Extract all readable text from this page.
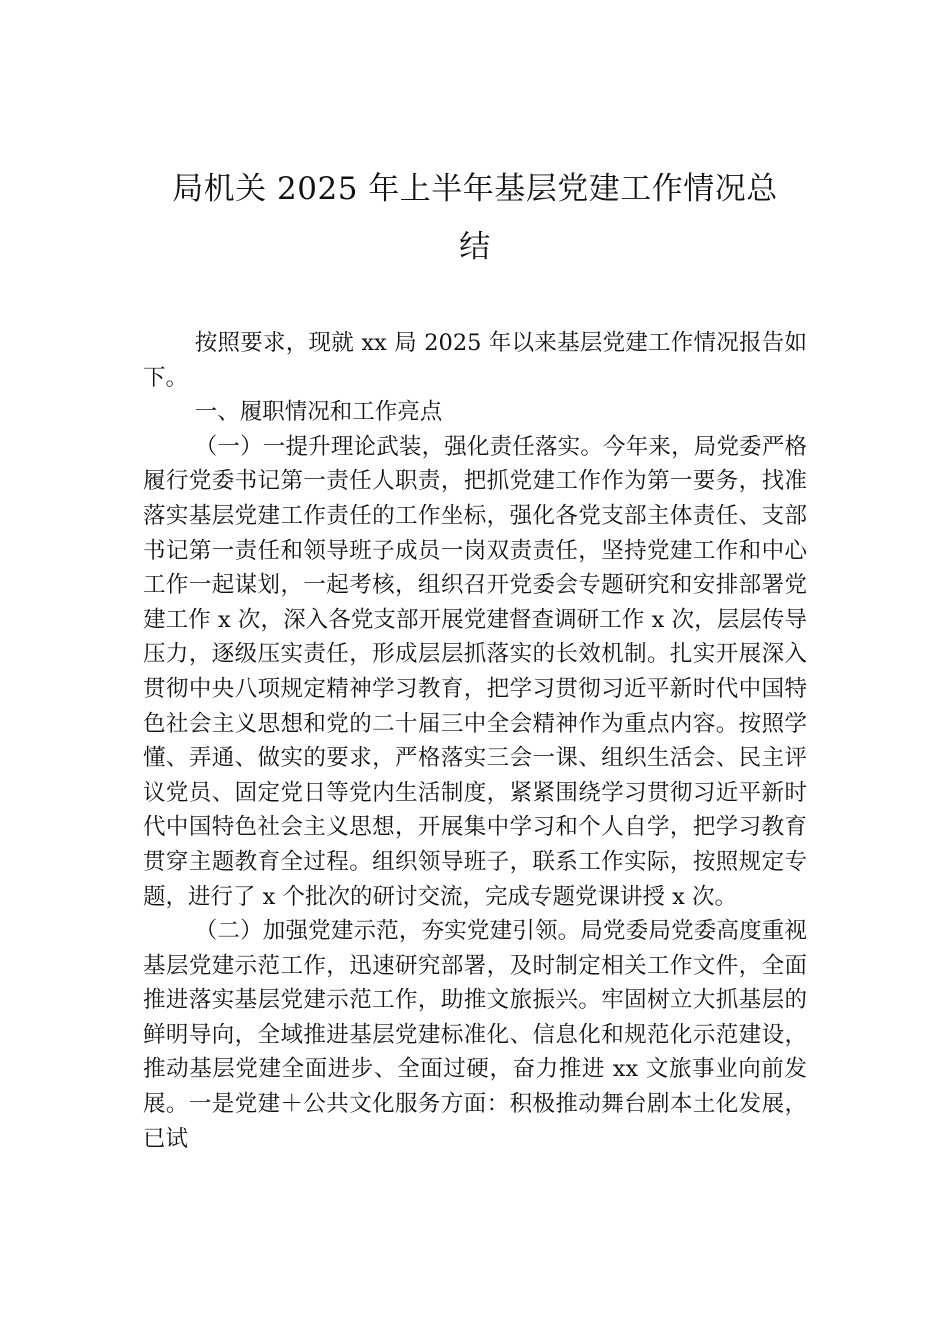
局机关 2025 年上半年基层党建工作情况总
结

按照要求，现就 xx 局 2025 年以来基层党建工作情况报告如下。

一、履职情况和工作亮点

（一）一提升理论武装，强化责任落实。今年来，局党委严格履行党委书记第一责任人职责，把抓党建工作作为第一要务，找准落实基层党建工作责任的工作坐标，强化各党支部主体责任、支部书记第一责任和领导班子成员一岗双责责任，坚持党建工作和中心工作一起谋划，一起考核，组织召开党委会专题研究和安排部署党建工作 x 次，深入各党支部开展党建督查调研工作 x 次，层层传导压力，逐级压实责任，形成层层抓落实的长效机制。扎实开展深入贯彻中央八项规定精神学习教育，把学习贯彻习近平新时代中国特色社会主义思想和党的二十届三中全会精神作为重点内容。按照学懂、弄通、做实的要求，严格落实三会一课、组织生活会、民主评议党员、固定党日等党内生活制度，紧紧围绕学习贯彻习近平新时代中国特色社会主义思想，开展集中学习和个人自学，把学习教育贯穿主题教育全过程。组织领导班子，联系工作实际，按照规定专题，进行了 x 个批次的研讨交流，完成专题党课讲授 x 次。

（二）加强党建示范，夯实党建引领。局党委局党委高度重视基层党建示范工作，迅速研究部署，及时制定相关工作文件，全面推进落实基层党建示范工作，助推文旅振兴。牢固树立大抓基层的鲜明导向，全域推进基层党建标准化、信息化和规范化示范建设，推动基层党建全面进步、全面过硬，奋力推进 xx 文旅事业向前发展。一是党建＋公共文化服务方面：积极推动舞台剧本土化发展，已试
